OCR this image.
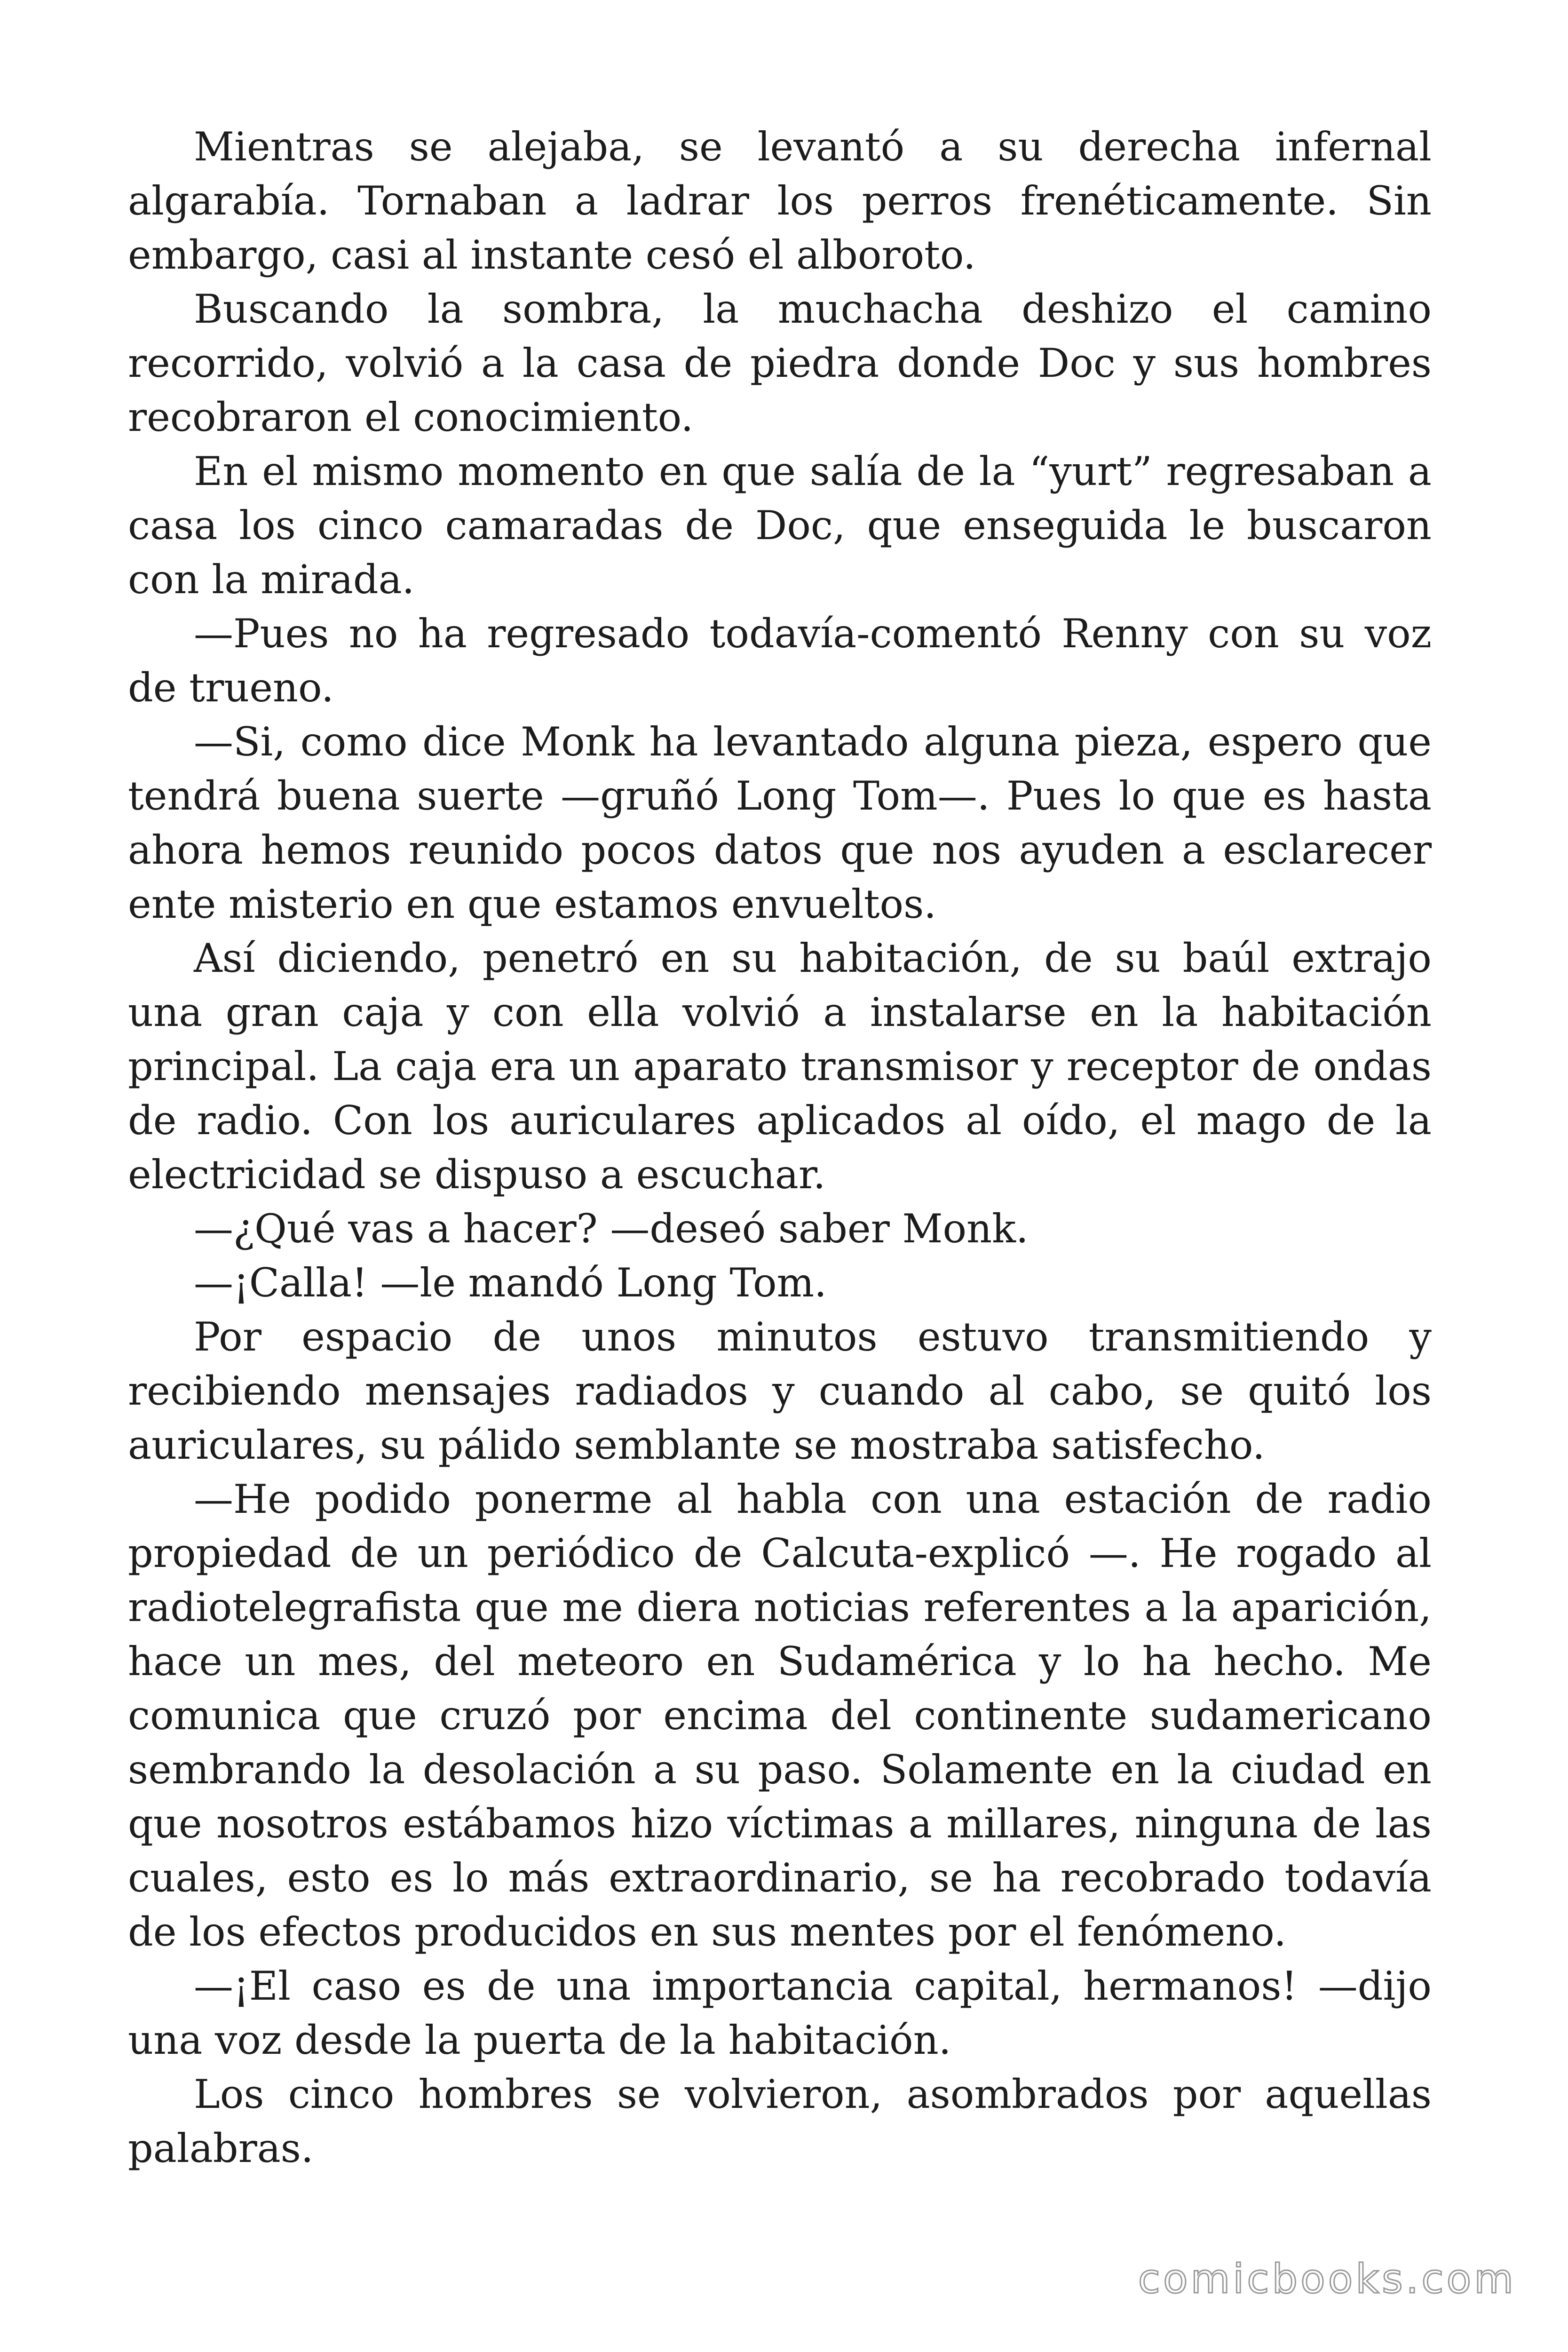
Mientras se alejaba, se levantó a su derecha infernal algarabía. Tornaban a ladrar los perros frenéticamente. Sin embargo, casi al instante cesó el alboroto.

Buscando la sombra, la muchacha deshizo el camino recorrido, volvió a la casa de piedra donde Doc y sus hombres recobraron el conocimiento.

En el mismo momento en que salía de la “yurt” regresaban a casa los cinco camaradas de Doc, que enseguida le buscaron con la mirada.

—Pues no ha regresado todavía-comentó Renny con su voz de trueno.

—Si, como dice Monk ha levantado alguna pieza, espero que tendrá buena suerte —gruñó Long Tom—. Pues lo que es hasta ahora hemos reunido pocos datos que nos ayuden a esclarecer ente misterio en que estamos envueltos.

Así diciendo, penetró en su habitación, de su baúl extrajo una gran caja y con ella volvió a instalarse en la habitación principal. La caja era un aparato transmisor y receptor de ondas de radio. Con los auriculares aplicados al oído, el mago de la electricidad se dispuso a escuchar.

—¿Qué vas a hacer? —deseó saber Monk.

—¡Calla! —le mandó Long Tom.

Por espacio de unos minutos estuvo transmitiendo y recibiendo mensajes radiados y cuando al cabo, se quitó los auriculares, su pálido semblante se mostraba satisfecho.

—He podido ponerme al habla con una estación de radio propiedad de un periódico de Calcuta-explicó —. He rogado al radiotelegrafista que me diera noticias referentes a la aparición, hace un mes, del meteoro en Sudamérica y lo ha hecho. Me comunica que cruzó por encima del continente sudamericano sembrando la desolación a su paso. Solamente en la ciudad en que nosotros estábamos hizo víctimas a millares, ninguna de las cuales, esto es lo más extraordinario, se ha recobrado todavía de los efectos producidos en sus mentes por el fenómeno.

—¡El caso es de una importancia capital, hermanos! —dijo una voz desde la puerta de la habitación.

Los cinco hombres se volvieron, asombrados por aquellas palabras.

comicbooks.com
